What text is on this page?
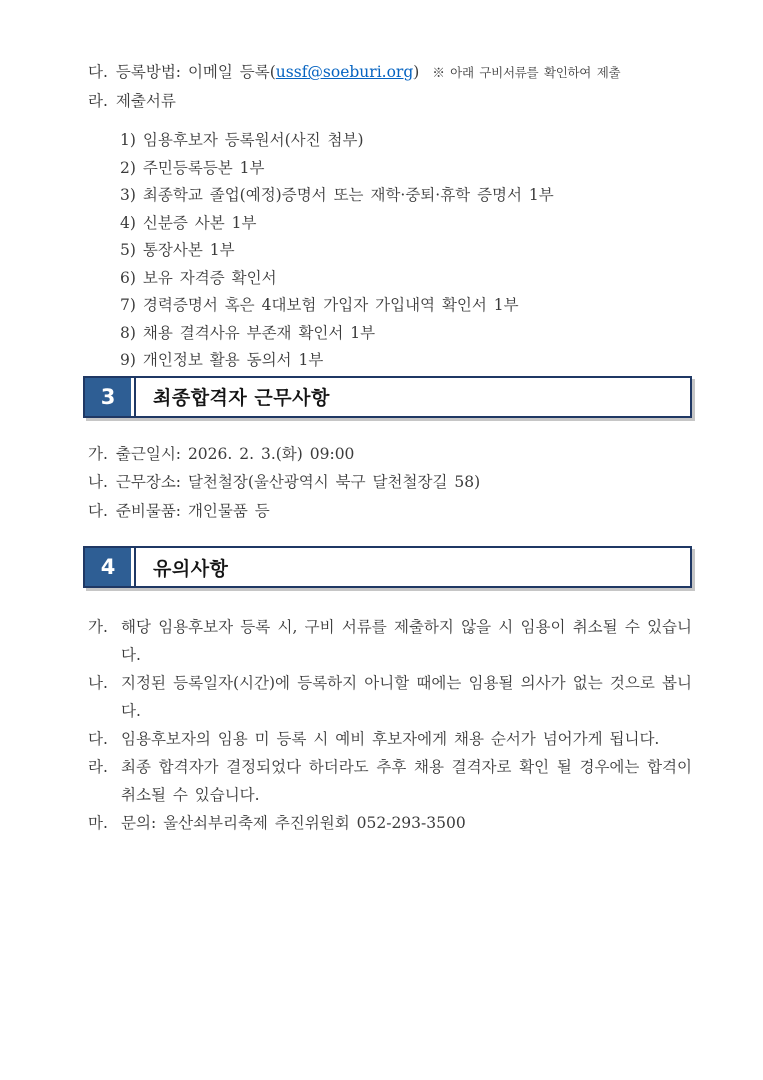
다. 등록방법: 이메일 등록(ussf@soeburi.org) ※ 아래 구비서류를 확인하여 제출

라. 제출서류

1) 임용후보자 등록원서(사진 첨부)
2) 주민등록등본 1부
3) 최종학교 졸업(예정)증명서 또는 재학·중퇴·휴학 증명서 1부
4) 신분증 사본 1부
5) 통장사본 1부
6) 보유 자격증 확인서
7) 경력증명서 혹은 4대보험 가입자 가입내역 확인서 1부
8) 채용 결격사유 부존재 확인서 1부
9) 개인정보 활용 동의서 1부
3	최종합격자 근무사항

가. 출근일시: 2026. 2. 3.(화) 09:00

나. 근무장소: 달천철장(울산광역시 북구 달천철장길 58)

다. 준비물품: 개인물품 등

4	유의사항

가. 해당 임용후보자 등록 시, 구비 서류를 제출하지 않을 시 임용이 취소될 수 있습니다.

나. 지정된 등록일자(시간)에 등록하지 아니할 때에는 임용될 의사가 없는 것으로 봅니다.

다. 임용후보자의 임용 미 등록 시 예비 후보자에게 채용 순서가 넘어가게 됩니다.

라. 최종 합격자가 결정되었다 하더라도 추후 채용 결격자로 확인 될 경우에는 합격이 취소될 수 있습니다.

마. 문의: 울산쇠부리축제 추진위원회 052-293-3500
